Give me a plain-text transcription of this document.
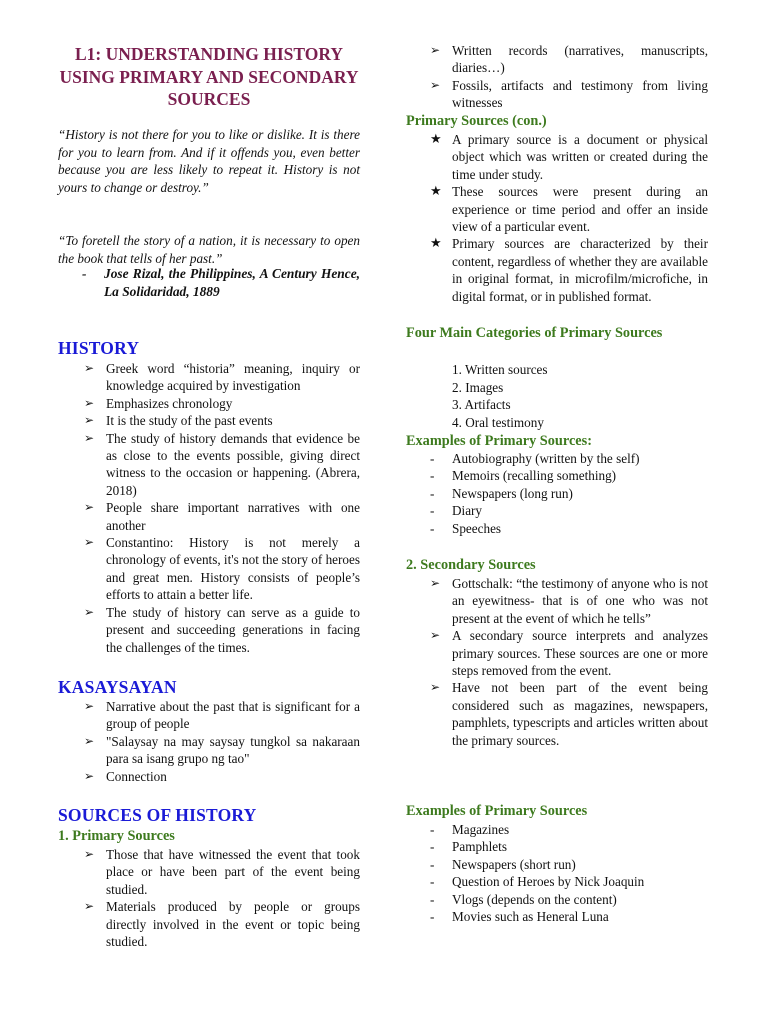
L1: UNDERSTANDING HISTORY USING PRIMARY AND SECONDARY SOURCES

“History is not there for you to like or dislike. It is there for you to learn from. And if it offends you, even better because you are less likely to repeat it. History is not yours to change or destroy.”

“To foretell the story of a nation, it is necessary to open the book that tells of her past.”

-	Jose Rizal, the Philippines, A Century Hence, La Solidaridad, 1889
HISTORY
➢ Greek word “historia” meaning, inquiry or knowledge acquired by investigation
➢ Emphasizes chronology
➢ It is the study of the past events
➢ The study of history demands that evidence be as close to the events possible, giving direct witness to the occasion or happening. (Abrera, 2018)
➢ People share important narratives with one another
➢ Constantino: History is not merely a chronology of events, it's not the story of heroes and great men. History consists of people’s efforts to attain a better life.
➢ The study of history can serve as a guide to present and succeeding generations in facing the challenges of the times.
KASAYSAYAN
➢ Narrative about the past that is significant for a group of people
➢ "Salaysay na may saysay tungkol sa nakaraan para sa isang grupo ng tao"
➢ Connection
SOURCES OF HISTORY
1. Primary Sources
➢ Those that have witnessed the event that took place or have been part of the event being studied.
➢ Materials produced by people or groups directly involved in the event or topic being studied.
➢ Written records (narratives, manuscripts, diaries…)
➢ Fossils, artifacts and testimony from living witnesses
Primary Sources (con.)
★ A primary source is a document or physical object which was written or created during the time under study.
★ These sources were present during an experience or time period and offer an inside view of a particular event.
★ Primary sources are characterized by their content, regardless of whether they are available in original format, in microfilm/microfiche, in digital format, or in published format.
Four Main Categories of Primary Sources
1. Written sources
2. Images
3. Artifacts
4. Oral testimony
Examples of Primary Sources:
-	Autobiography (written by the self)
-	Memoirs (recalling something)
-	Newspapers (long run)
-	Diary
-	Speeches
2. Secondary Sources
➢ Gottschalk: “the testimony of anyone who is not an eyewitness- that is of one who was not present at the event of which he tells”
➢ A secondary source interprets and analyzes primary sources. These sources are one or more steps removed from the event.
➢ Have not been part of the event being considered such as magazines, newspapers, pamphlets, typescripts and articles written about the primary sources.
Examples of Primary Sources
-	Magazines
-	Pamphlets
-	Newspapers (short run)
-	Question of Heroes by Nick Joaquin
-	Vlogs (depends on the content)
-	Movies such as Heneral Luna
